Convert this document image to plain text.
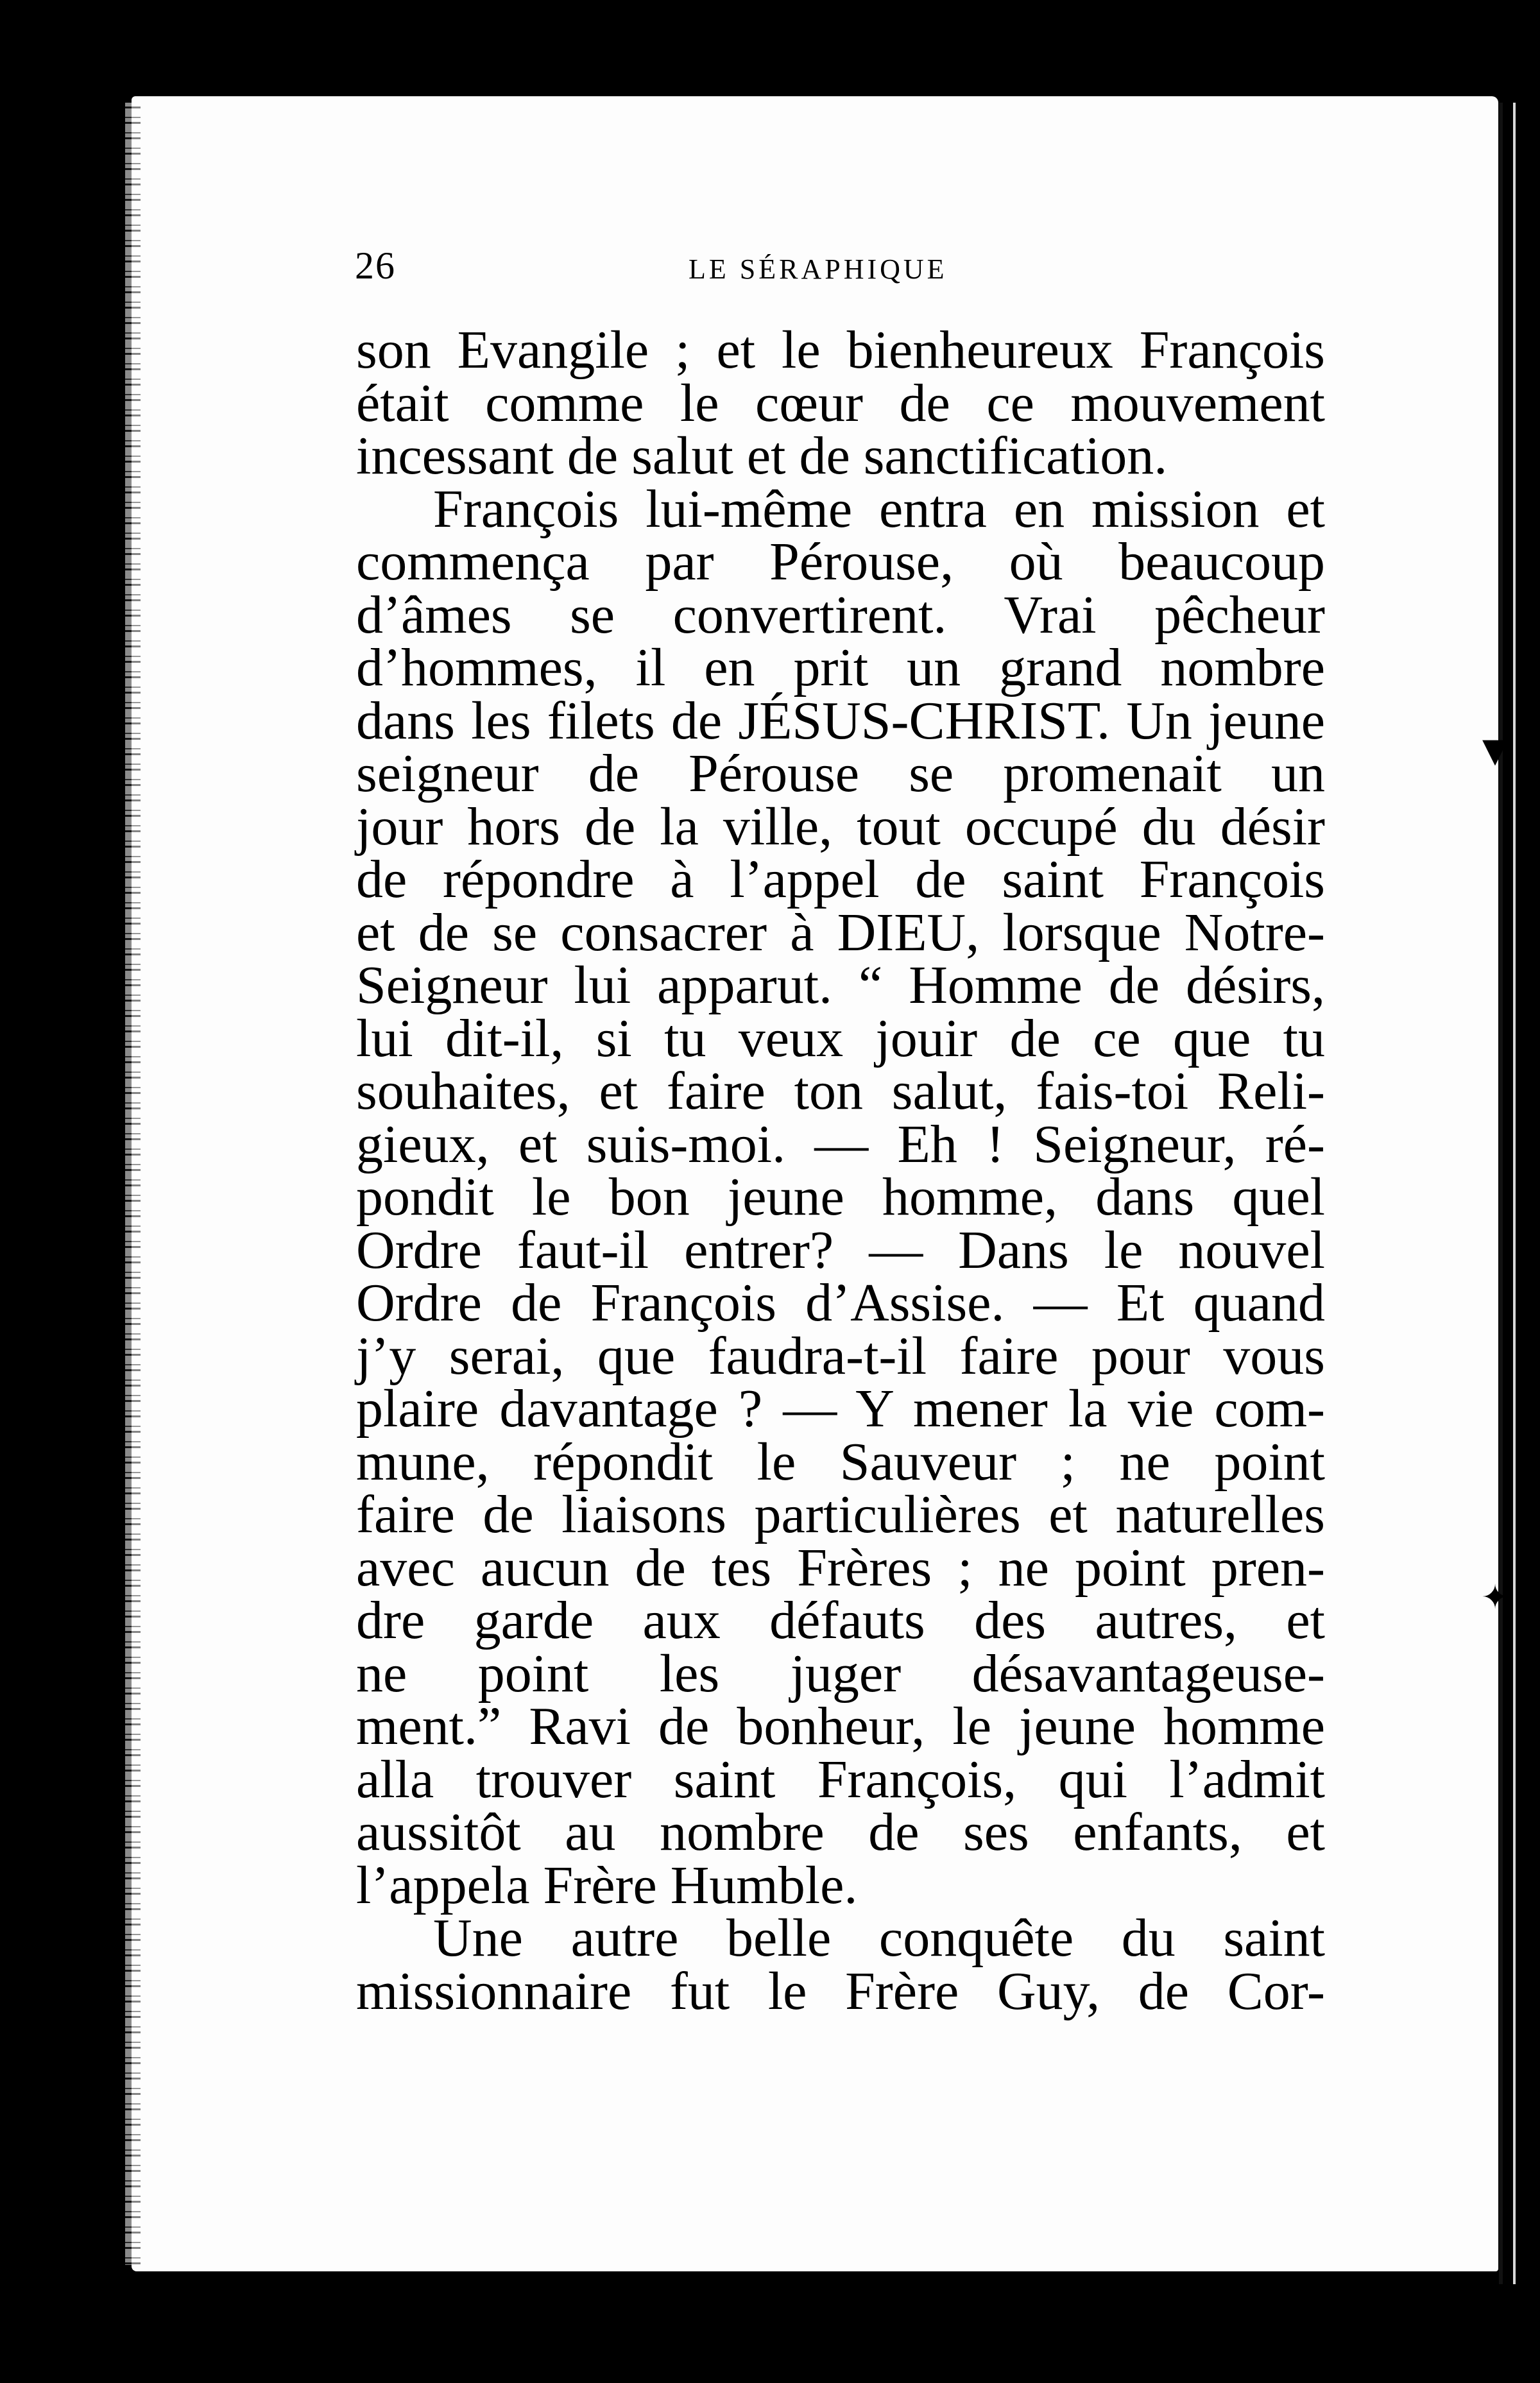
▼
✦
26	LE SÉRAPHIQUE
son Evangile ; et le bienheureux François
était comme le cœur de ce mouvement
incessant de salut et de sanctification.
François lui-même entra en mission et
commença par Pérouse, où beaucoup
d’âmes se convertirent. Vrai pêcheur
d’hommes, il en prit un grand nombre
dans les filets de JÉSUS-CHRIST. Un jeune
seigneur de Pérouse se promenait un
jour hors de la ville, tout occupé du désir
de répondre à l’appel de saint François
et de se consacrer à DIEU, lorsque Notre-
Seigneur lui apparut. “ Homme de désirs,
lui dit-il, si tu veux jouir de ce que tu
souhaites, et faire ton salut, fais-toi Reli-
gieux, et suis-moi. — Eh ! Seigneur, ré-
pondit le bon jeune homme, dans quel
Ordre faut-il entrer? — Dans le nouvel
Ordre de François d’Assise. — Et quand
j’y serai, que faudra-t-il faire pour vous
plaire davantage ? — Y mener la vie com-
mune, répondit le Sauveur ; ne point
faire de liaisons particulières et naturelles
avec aucun de tes Frères ; ne point pren-
dre garde aux défauts des autres, et
ne point les juger désavantageuse-
ment.” Ravi de bonheur, le jeune homme
alla trouver saint François, qui l’admit
aussitôt au nombre de ses enfants, et
l’appela Frère Humble.
Une autre belle conquête du saint
missionnaire fut le Frère Guy, de Cor-
